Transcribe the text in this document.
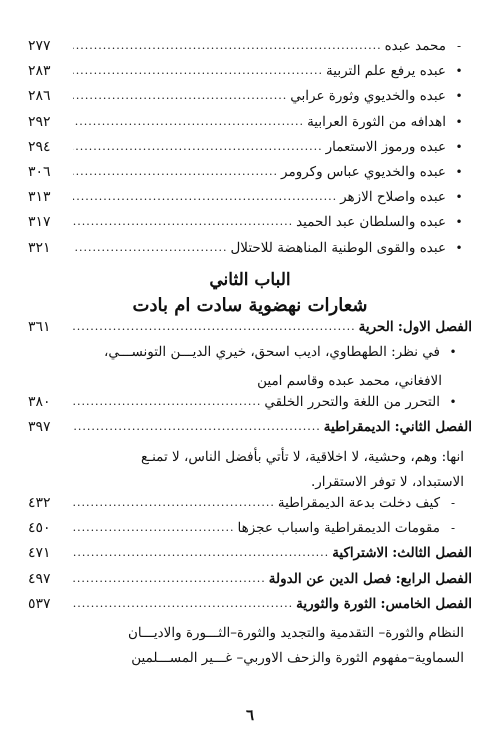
-
محمد عبده
.....
٢٧٧
•
عبده يرفع علم التربية
.....
٢٨٣
•
عبده والخديوي وثورة عرابي
.....
٢٨٦
•
اهدافه من الثورة العرابية
.....
٢٩٢
•
عبده ورموز الاستعمار
.....
٢٩٤
•
عبده والخديوي عباس وكرومر
.....
٣٠٦
•
عبده واصلاح الازهر
.....
٣١٣
•
عبده والسلطان عبد الحميد
.....
٣١٧
•
عبده والقوى الوطنية المناهضة للاحتلال
.....
٣٢١
الباب الثاني
شعارات نهضوية سادت ام بادت
الفصل الاول: الحرية
.....
٣٦١
•
في نظر: الطهطاوي، اديب اسحق، خيري الديـــن التونســـي،
الافغاني، محمد عبده وقاسم امين
•
التحرر من اللغة والتحرر الخلقي
.....
٣٨٠
الفصل الثاني: الديمقراطية
.....
٣٩٧
انها: وهم، وحشية، لا اخلاقية، لا تأتي بأفضل الناس، لا تمنـع
الاستبداد، لا توفر الاستقرار.
-
كيف دخلت بدعة الديمقراطية
.....
٤٣٢
-
مقومات الديمقراطية واسباب عجزها
.....
٤٥٠
الفصل الثالث: الاشتراكية
.....
٤٧١
الفصل الرابع: فصل الدين عن الدولة
.....
٤٩٧
الفصل الخامس: الثورة والثورية
.....
٥٣٧
النظام والثورة– التقدمية والتجديد والثورة–الثـــورة والاديـــان
السماوية–مفهوم الثورة والزحف الاوربي– غـــير المســـلمين
٦
